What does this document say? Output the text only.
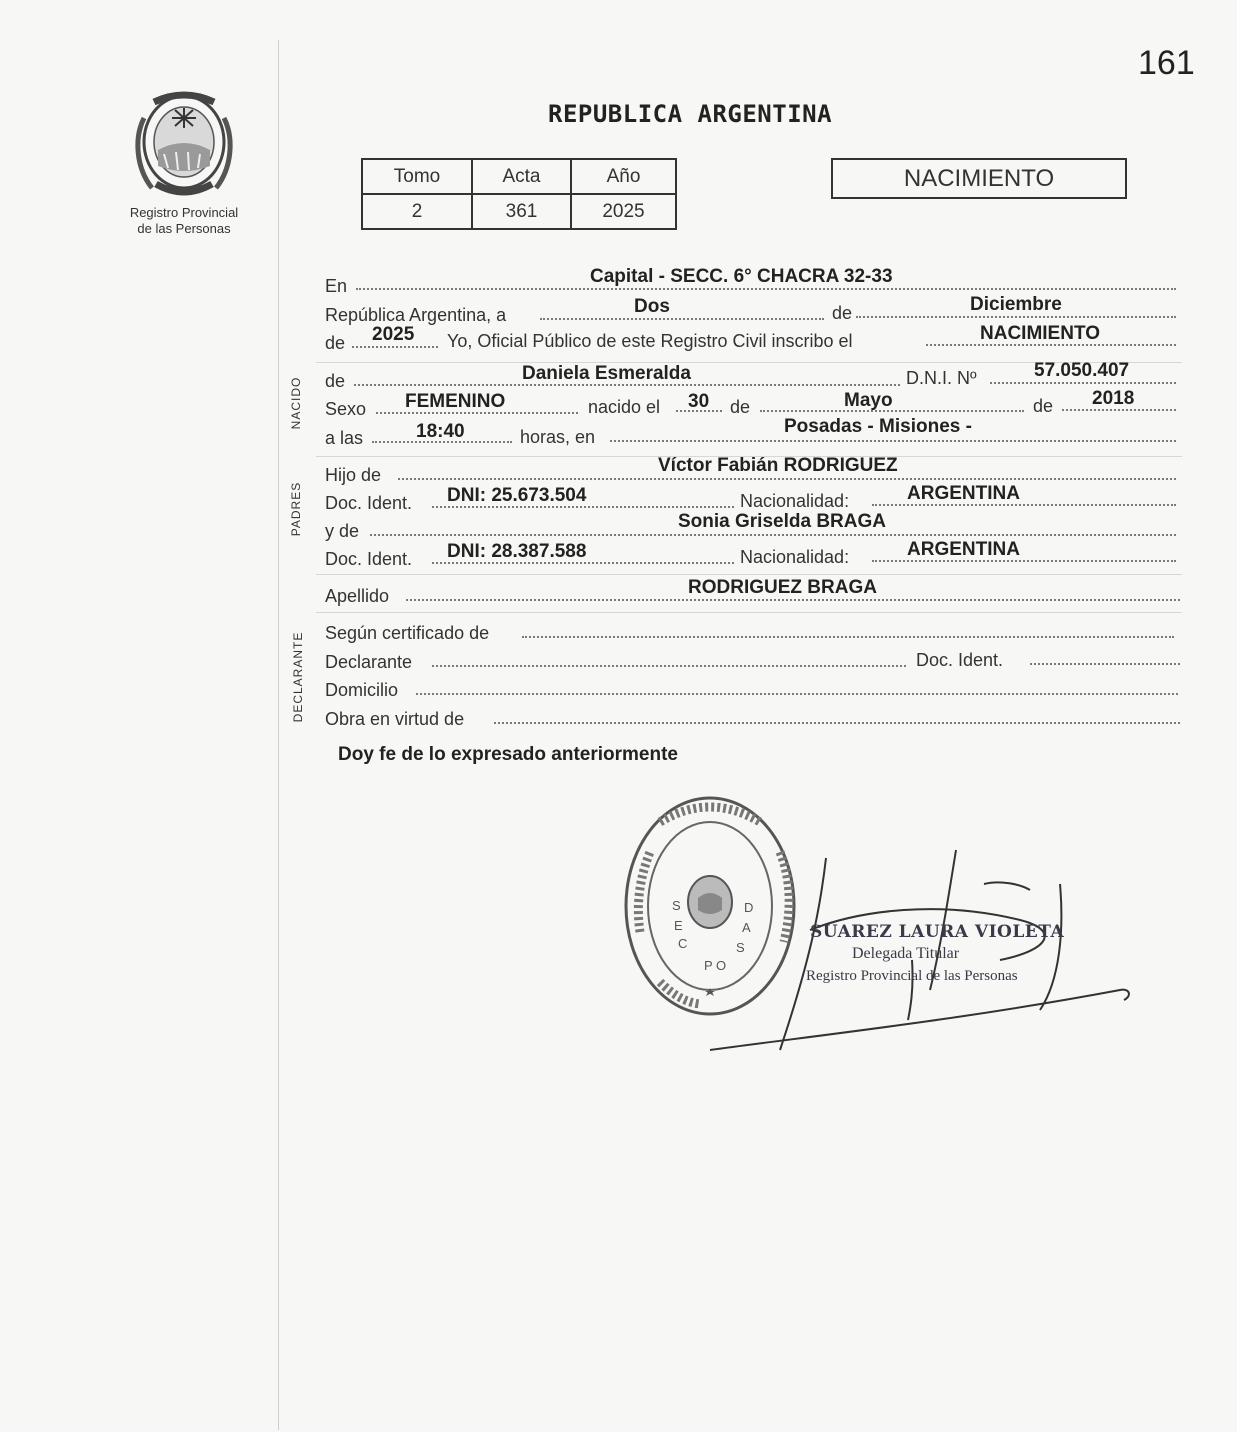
161
Registro Provincial
de las Personas
REPUBLICA ARGENTINA
Tomo	Acta	Año
2	361	2025
NACIMIENTO
En	Capital - SECC. 6° CHACRA 32-33
República Argentina, a	Dos	de	Diciembre
de 2025 Yo, Oficial Público de este Registro Civil inscribo el	NACIMIENTO
NACIDO de	Daniela Esmeralda	D.N.I. Nº	57.050.407
Sexo FEMENINO	nacido el 30 de	Mayo	de 2018
a las	18:40	horas, en	Posadas - Misiones -
PADRES
Hijo de	Víctor Fabián RODRIGUEZ
Doc. Ident. DNI: 25.673.504	Nacionalidad:	ARGENTINA
y de	Sonia Griselda BRAGA
Doc. Ident. DNI: 28.387.588	Nacionalidad:	ARGENTINA
Apellido	RODRIGUEZ BRAGA
DECLARANTE Según certificado de
Declarante	Doc. Ident.
Domicilio
Obra en virtud de
Doy fe de lo expresado anteriormente
S
E
C
P O
S
A
D
SUAREZ LAURA VIOLETA
Delegada Titular
Registro Provincial de las Personas
